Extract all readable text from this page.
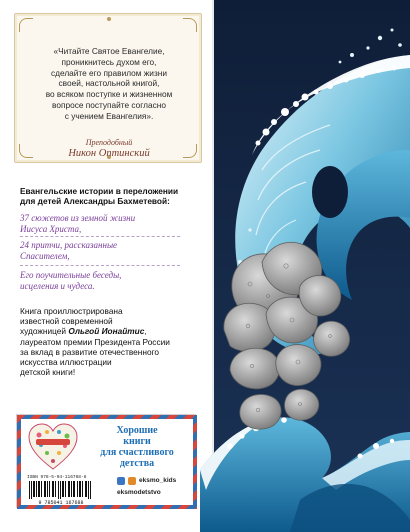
«Читайте Святое Евангелие,
проникнитесь духом его,
сделайте его правилом жизни
своей, настольной книгой,
во всяком поступке и жизненном
вопросе поступайте согласно
с учением Евангелия».
Преподобный
Никон Оптинский
Евангельские истории в переложении
для детей Александры Бахметевой:
37 сюжетов из земной жизни
Иисуса Христа,
24 притчи, рассказанные
Спасителем,
Его поучительные беседы,
исцеления и чудеса.
Книга проиллюстрирована
известной современной
художницей Ольгой Ионайтис,
лауреатом премии Президента России
за вклад в развитие отечественного
искусства иллюстрации
детской книги!
Хорошие
книги
для счастливого
детства
ISBN 978-5-04-116768-8
9 785041 167688
eksmo_kids
eksmodetstvo
